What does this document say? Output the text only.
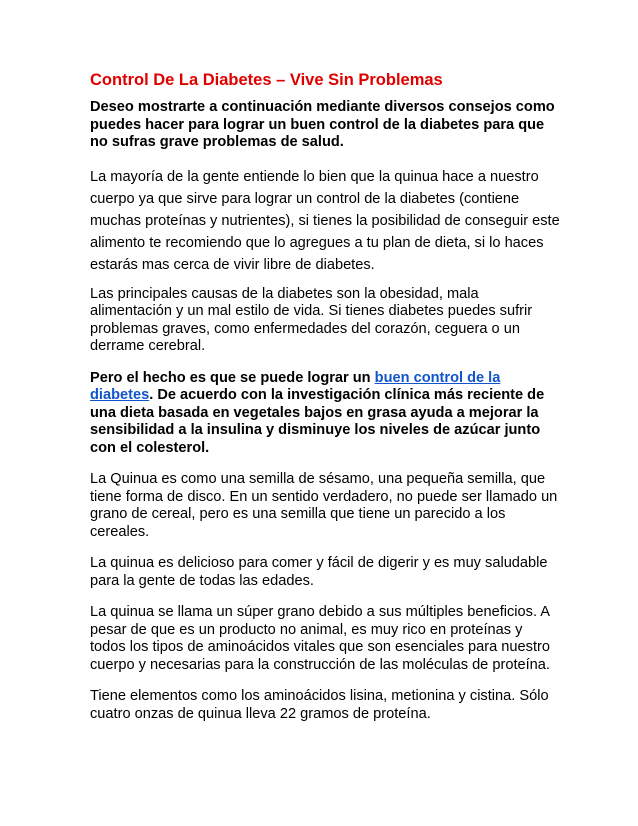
Control De La Diabetes – Vive Sin Problemas

Deseo mostrarte a continuación mediante diversos consejos como puedes hacer para lograr un buen control de la diabetes para que no sufras grave problemas de salud.

La mayoría de la gente entiende lo bien que la quinua hace a nuestro cuerpo ya que sirve para lograr un control de la diabetes (contiene muchas proteínas y nutrientes), si tienes la posibilidad de conseguir este alimento te recomiendo que lo agregues a tu plan de dieta, si lo haces estarás mas cerca de vivir libre de diabetes.

Las principales causas de la diabetes son la obesidad, mala alimentación y un mal estilo de vida. Si tienes diabetes puedes sufrir problemas graves, como enfermedades del corazón, ceguera o un derrame cerebral.

Pero el hecho es que se puede lograr un buen control de la diabetes. De acuerdo con la investigación clínica más reciente de una dieta basada en vegetales bajos en grasa ayuda a mejorar la sensibilidad a la insulina y disminuye los niveles de azúcar junto con el colesterol.

La Quinua es como una semilla de sésamo, una pequeña semilla, que tiene forma de disco. En un sentido verdadero, no puede ser llamado un grano de cereal, pero es una semilla que tiene un parecido a los cereales.

La quinua es delicioso para comer y fácil de digerir y es muy saludable para la gente de todas las edades.

La quinua se llama un súper grano debido a sus múltiples beneficios. A pesar de que es un producto no animal, es muy rico en proteínas y todos los tipos de aminoácidos vitales que son esenciales para nuestro cuerpo y necesarias para la construcción de las moléculas de proteína.

Tiene elementos como los aminoácidos lisina, metionina y cistina. Sólo cuatro onzas de quinua lleva 22 gramos de proteína.
